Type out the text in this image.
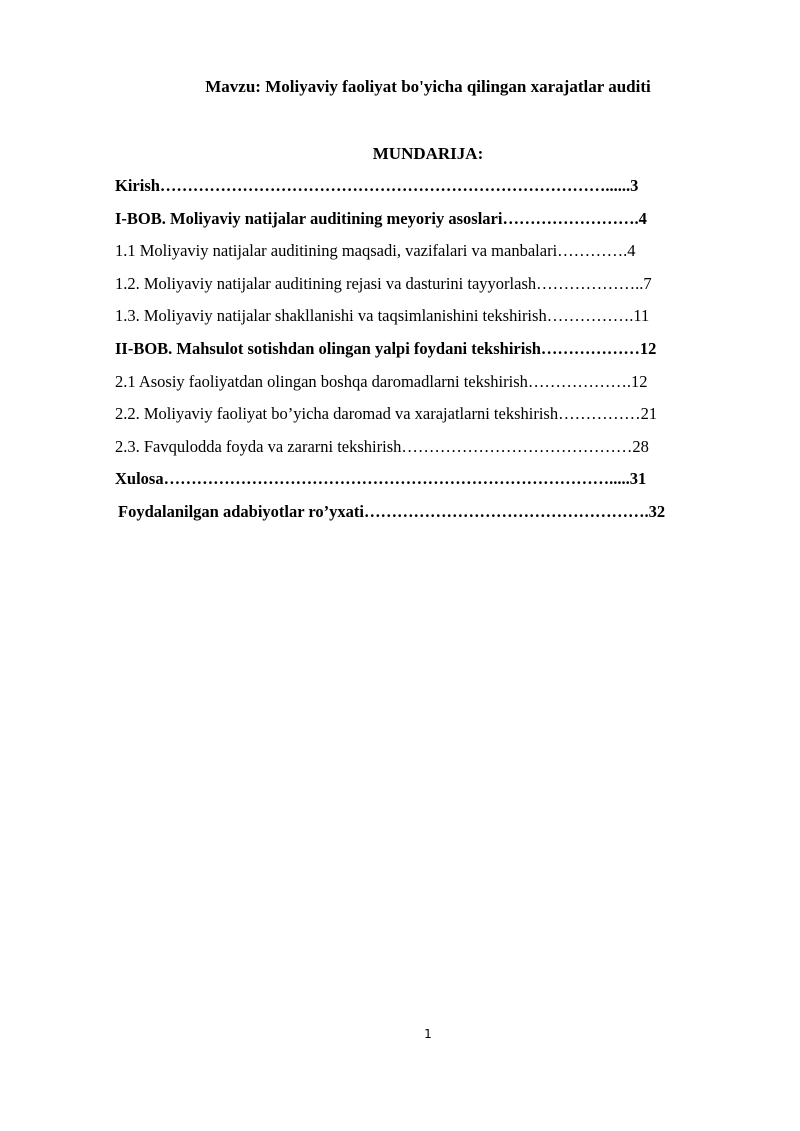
Mavzu: Moliyaviy faoliyat bo'yicha qilingan xarajatlar auditi
MUNDARIJA:
Kirish………………………………………………………………………......3
I-BOB. Moliyaviy natijalar auditining meyoriy asoslari…………………….4
1.1 Moliyaviy natijalar auditining maqsadi, vazifalari va manbalari………….4
1.2. Moliyaviy natijalar auditining rejasi va dasturini tayyorlash………………..7
1.3. Moliyaviy natijalar shakllanishi va taqsimlanishini tekshirish…………….11
II-BOB. Mahsulot sotishdan olingan yalpi foydani tekshirish………………12
2.1 Asosiy faoliyatdan olingan boshqa daromadlarni tekshirish……………….12
2.2. Moliyaviy faoliyat bo’yicha daromad va xarajatlarni tekshirish……………21
2.3. Favqulodda foyda va zararni tekshirish……………………………………28
Xulosa……………………………………………………………………….....31
Foydalanilgan adabiyotlar ro’yxati…………………………………………….32
1
